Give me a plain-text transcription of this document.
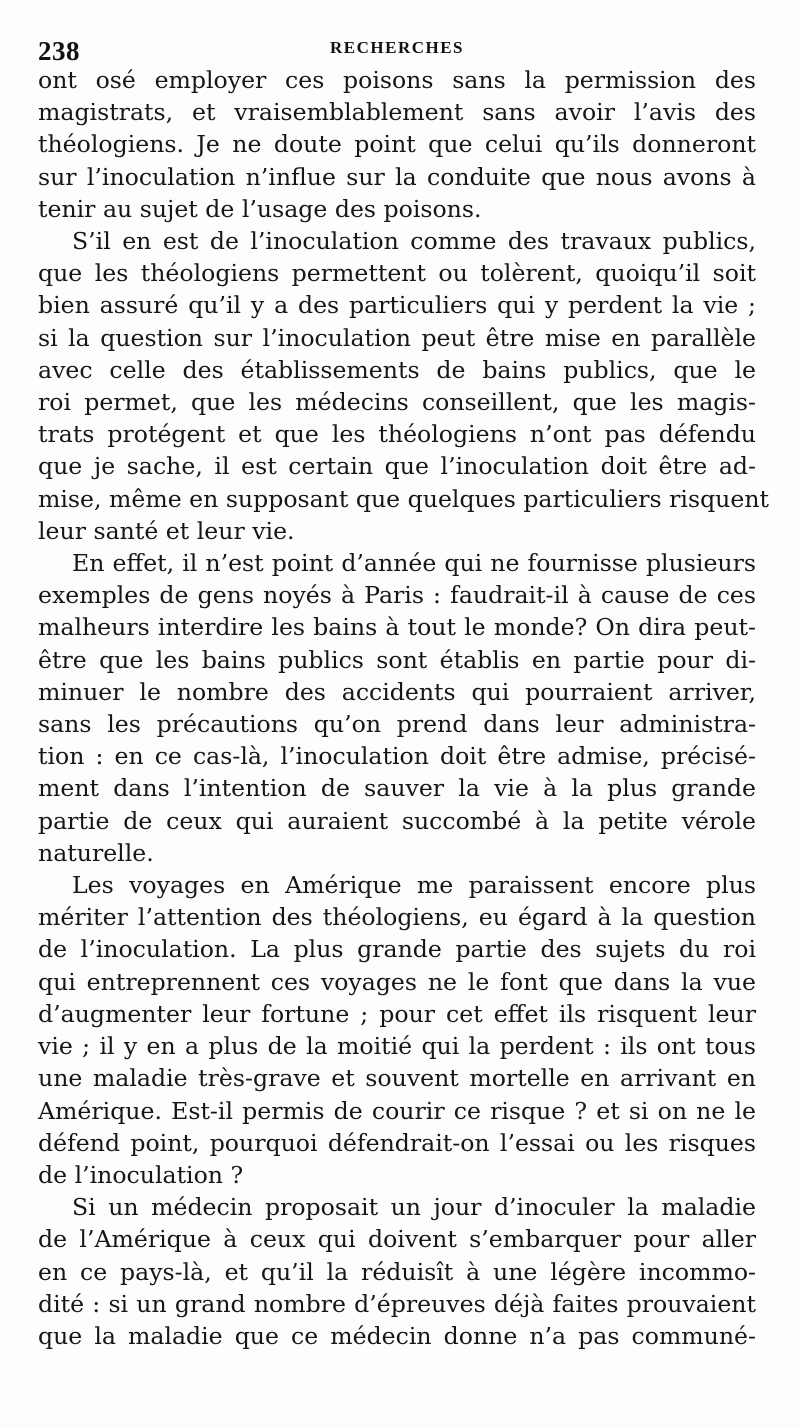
238	RECHERCHES

ont osé employer ces poisons sans la permission des
magistrats, et vraisemblablement sans avoir l’avis des
théologiens. Je ne doute point que celui qu’ils donneront
sur l’inoculation n’influe sur la conduite que nous avons à
tenir au sujet de l’usage des poisons.

S’il en est de l’inoculation comme des travaux publics,
que les théologiens permettent ou tolèrent, quoiqu’il soit
bien assuré qu’il y a des particuliers qui y perdent la vie ;
si la question sur l’inoculation peut être mise en parallèle
avec celle des établissements de bains publics, que le
roi permet, que les médecins conseillent, que les magis-
trats protégent et que les théologiens n’ont pas défendu
que je sache, il est certain que l’inoculation doit être ad-
mise, même en supposant que quelques particuliers risquent
leur santé et leur vie.

En effet, il n’est point d’année qui ne fournisse plusieurs
exemples de gens noyés à Paris : faudrait-il à cause de ces
malheurs interdire les bains à tout le monde? On dira peut-
être que les bains publics sont établis en partie pour di-
minuer le nombre des accidents qui pourraient arriver,
sans les précautions qu’on prend dans leur administra-
tion : en ce cas-là, l’inoculation doit être admise, précisé-
ment dans l’intention de sauver la vie à la plus grande
partie de ceux qui auraient succombé à la petite vérole
naturelle.

Les voyages en Amérique me paraissent encore plus
mériter l’attention des théologiens, eu égard à la question
de l’inoculation. La plus grande partie des sujets du roi
qui entreprennent ces voyages ne le font que dans la vue
d’augmenter leur fortune ; pour cet effet ils risquent leur
vie ; il y en a plus de la moitié qui la perdent : ils ont tous
une maladie très-grave et souvent mortelle en arrivant en
Amérique. Est-il permis de courir ce risque ? et si on ne le
défend point, pourquoi défendrait-on l’essai ou les risques
de l’inoculation ?

Si un médecin proposait un jour d’inoculer la maladie
de l’Amérique à ceux qui doivent s’embarquer pour aller
en ce pays-là, et qu’il la réduisît à une légère incommo-
dité : si un grand nombre d’épreuves déjà faites prouvaient
que la maladie que ce médecin donne n’a pas communé-
